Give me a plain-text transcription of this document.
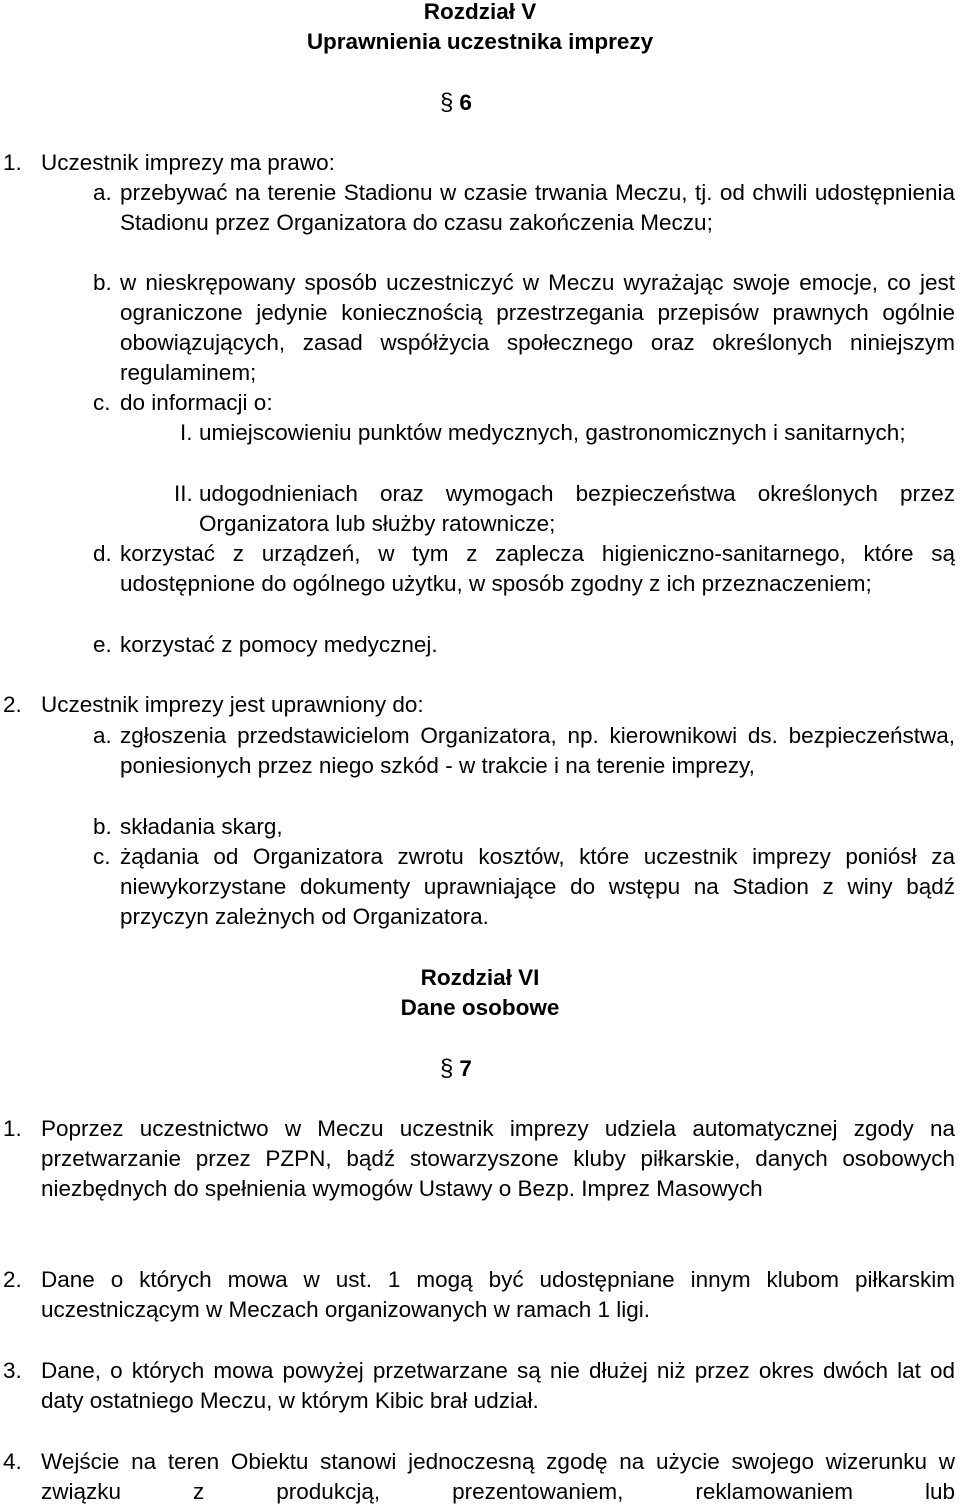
Rozdział V
Uprawnienia uczestnika imprezy
§ 6
1. Uczestnik imprezy ma prawo:
a. przebywać na terenie Stadionu w czasie trwania Meczu, tj. od chwili udostępnienia Stadionu przez Organizatora do czasu zakończenia Meczu;
b. w nieskrępowany sposób uczestniczyć w Meczu wyrażając swoje emocje, co jest ograniczone jedynie koniecznością przestrzegania przepisów prawnych ogólnie obowiązujących, zasad współżycia społecznego oraz określonych niniejszym regulaminem;
c. do informacji o:
I. umiejscowieniu punktów medycznych, gastronomicznych i sanitarnych;
II. udogodnieniach oraz wymogach bezpieczeństwa określonych przez Organizatora lub służby ratownicze;
d. korzystać z urządzeń, w tym z zaplecza higieniczno-sanitarnego, które są udostępnione do ogólnego użytku, w sposób zgodny z ich przeznaczeniem;
e. korzystać z pomocy medycznej.
2. Uczestnik imprezy jest uprawniony do:
a. zgłoszenia przedstawicielom Organizatora, np. kierownikowi ds. bezpieczeństwa, poniesionych przez niego szkód - w trakcie i na terenie imprezy,
b. składania skarg,
c. żądania od Organizatora zwrotu kosztów, które uczestnik imprezy poniósł za niewykorzystane dokumenty uprawniające do wstępu na Stadion z winy bądź przyczyn zależnych od Organizatora.
Rozdział VI
Dane osobowe
§ 7
1. Poprzez uczestnictwo w Meczu uczestnik imprezy udziela automatycznej zgody na przetwarzanie przez PZPN, bądź stowarzyszone kluby piłkarskie, danych osobowych niezbędnych do spełnienia wymogów Ustawy o Bezp. Imprez Masowych
2. Dane o których mowa w ust. 1 mogą być udostępniane innym klubom piłkarskim uczestniczącym w Meczach organizowanych w ramach 1 ligi.
3. Dane, o których mowa powyżej przetwarzane są nie dłużej niż przez okres dwóch lat od daty ostatniego Meczu, w którym Kibic brał udział.
4. Wejście na teren Obiektu stanowi jednoczesną zgodę na użycie swojego wizerunku w związku z produkcją, prezentowaniem, reklamowaniem lub
